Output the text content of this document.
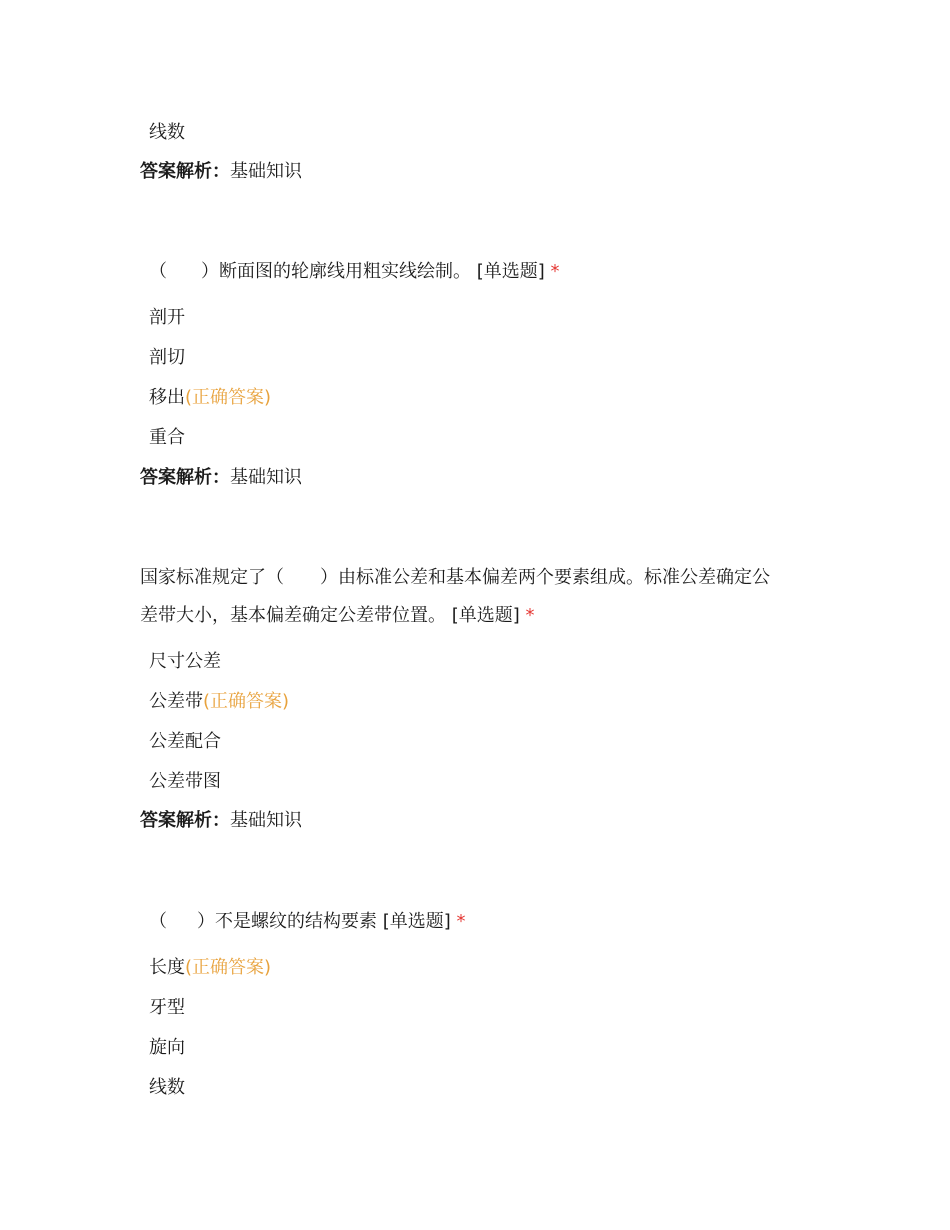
线数
答案解析：基础知识
（ ）断面图的轮廓线用粗实线绘制。 [单选题] *
剖开
剖切
移出(正确答案)
重合
答案解析：基础知识
国家标准规定了（ ）由标准公差和基本偏差两个要素组成。标准公差确定公
差带大小，基本偏差确定公差带位置。 [单选题] *
尺寸公差
公差带(正确答案)
公差配合
公差带图
答案解析：基础知识
（ ）不是螺纹的结构要素 [单选题] *
长度(正确答案)
牙型
旋向
线数
